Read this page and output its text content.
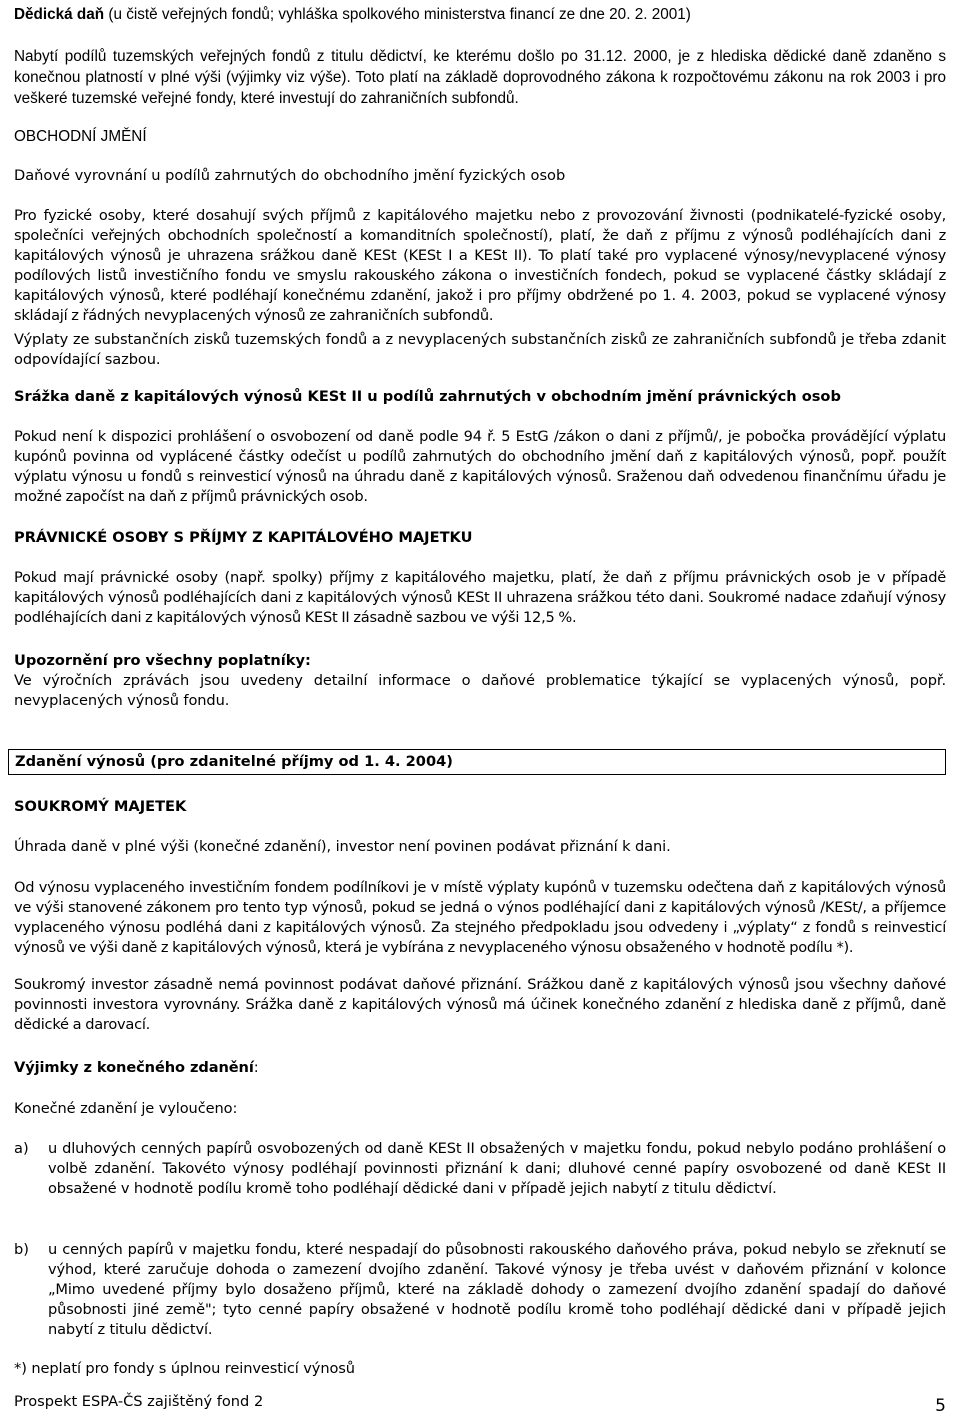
Dědická daň (u čistě veřejných fondů; vyhláška spolkového ministerstva financí ze dne 20. 2. 2001)

Nabytí podílů tuzemských veřejných fondů z titulu dědictví, ke kterému došlo po 31.12. 2000, je z hlediska dědické daně zdaněno s konečnou platností v plné výši (výjimky viz výše). Toto platí na základě doprovodného zákona k rozpočtovému zákonu na rok 2003 i pro veškeré tuzemské veřejné fondy, které investují do zahraničních subfondů.

OBCHODNÍ JMĚNÍ

Daňové vyrovnání u podílů zahrnutých do obchodního jmění fyzických osob

Pro fyzické osoby, které dosahují svých příjmů z kapitálového majetku nebo z provozování živnosti (podnikatelé-fyzické osoby, společníci veřejných obchodních společností a komanditních společností), platí, že daň z příjmu z výnosů podléhajících dani z kapitálových výnosů je uhrazena srážkou daně KESt (KESt I a KESt II). To platí také pro vyplacené výnosy/nevyplacené výnosy podílových listů investičního fondu ve smyslu rakouského zákona o investičních fondech, pokud se vyplacené částky skládají z kapitálových výnosů, které podléhají konečnému zdanění, jakož i pro příjmy obdržené po 1. 4. 2003, pokud se vyplacené výnosy skládají z řádných nevyplacených výnosů ze zahraničních subfondů.

Výplaty ze substančních zisků tuzemských fondů a z nevyplacených substančních zisků ze zahraničních subfondů je třeba zdanit odpovídající sazbou.

Srážka daně z kapitálových výnosů KESt II u podílů zahrnutých v obchodním jmění právnických osob

Pokud není k dispozici prohlášení o osvobození od daně podle 94 ř. 5 EstG /zákon o dani z příjmů/, je pobočka provádějící výplatu kupónů povinna od vyplácené částky odečíst u podílů zahrnutých do obchodního jmění daň z kapitálových výnosů, popř. použít výplatu výnosu u fondů s reinvesticí výnosů na úhradu daně z kapitálových výnosů. Sraženou daň odvedenou finančnímu úřadu je možné započíst na daň z příjmů právnických osob.

PRÁVNICKÉ OSOBY S PŘÍJMY Z KAPITÁLOVÉHO MAJETKU

Pokud mají právnické osoby (např. spolky) příjmy z kapitálového majetku, platí, že daň z příjmu právnických osob je v případě kapitálových výnosů podléhajících dani z kapitálových výnosů KESt II uhrazena srážkou této dani. Soukromé nadace zdaňují výnosy podléhajících dani z kapitálových výnosů KESt II zásadně sazbou ve výši 12,5 %.

Upozornění pro všechny poplatníky:

Ve výročních zprávách jsou uvedeny detailní informace o daňové problematice týkající se vyplacených výnosů, popř. nevyplacených výnosů fondu.

Zdanění výnosů (pro zdanitelné příjmy od 1. 4. 2004)

SOUKROMÝ MAJETEK

Úhrada daně v plné výši (konečné zdanění), investor není povinen podávat přiznání k dani.

Od výnosu vyplaceného investičním fondem podílníkovi je v místě výplaty kupónů v tuzemsku odečtena daň z kapitálových výnosů ve výši stanovené zákonem pro tento typ výnosů, pokud se jedná o výnos podléhající dani z kapitálových výnosů /KESt/, a příjemce vyplaceného výnosu podléhá dani z kapitálových výnosů. Za stejného předpokladu jsou odvedeny i „výplaty“ z fondů s reinvesticí výnosů ve výši daně z kapitálových výnosů, která je vybírána z nevyplaceného výnosu obsaženého v hodnotě podílu *).

Soukromý investor zásadně nemá povinnost podávat daňové přiznání. Srážkou daně z kapitálových výnosů jsou všechny daňové povinnosti investora vyrovnány. Srážka daně z kapitálových výnosů má účinek konečného zdanění z hlediska daně z příjmů, daně dědické a darovací.

Výjimky z konečného zdanění:

Konečné zdanění je vyloučeno:

a) u dluhových cenných papírů osvobozených od daně KESt II obsažených v majetku fondu, pokud nebylo podáno prohlášení o volbě zdanění. Takovéto výnosy podléhají povinnosti přiznání k dani; dluhové cenné papíry osvobozené od daně KESt II obsažené v hodnotě podílu kromě toho podléhají dědické dani v případě jejich nabytí z titulu dědictví.
b) u cenných papírů v majetku fondu, které nespadají do působnosti rakouského daňového práva, pokud nebylo se zřeknutí se výhod, které zaručuje dohoda o zamezení dvojího zdanění. Takové výnosy je třeba uvést v daňovém přiznání v kolonce „Mimo uvedené příjmy bylo dosaženo příjmů, které na základě dohody o zamezení dvojího zdanění spadají do daňové působnosti jiné země"; tyto cenné papíry obsažené v hodnotě podílu kromě toho podléhají dědické dani v případě jejich nabytí z titulu dědictví.

*) neplatí pro fondy s úplnou reinvesticí výnosů

Prospekt ESPA-ČS zajištěný fond 2	5
